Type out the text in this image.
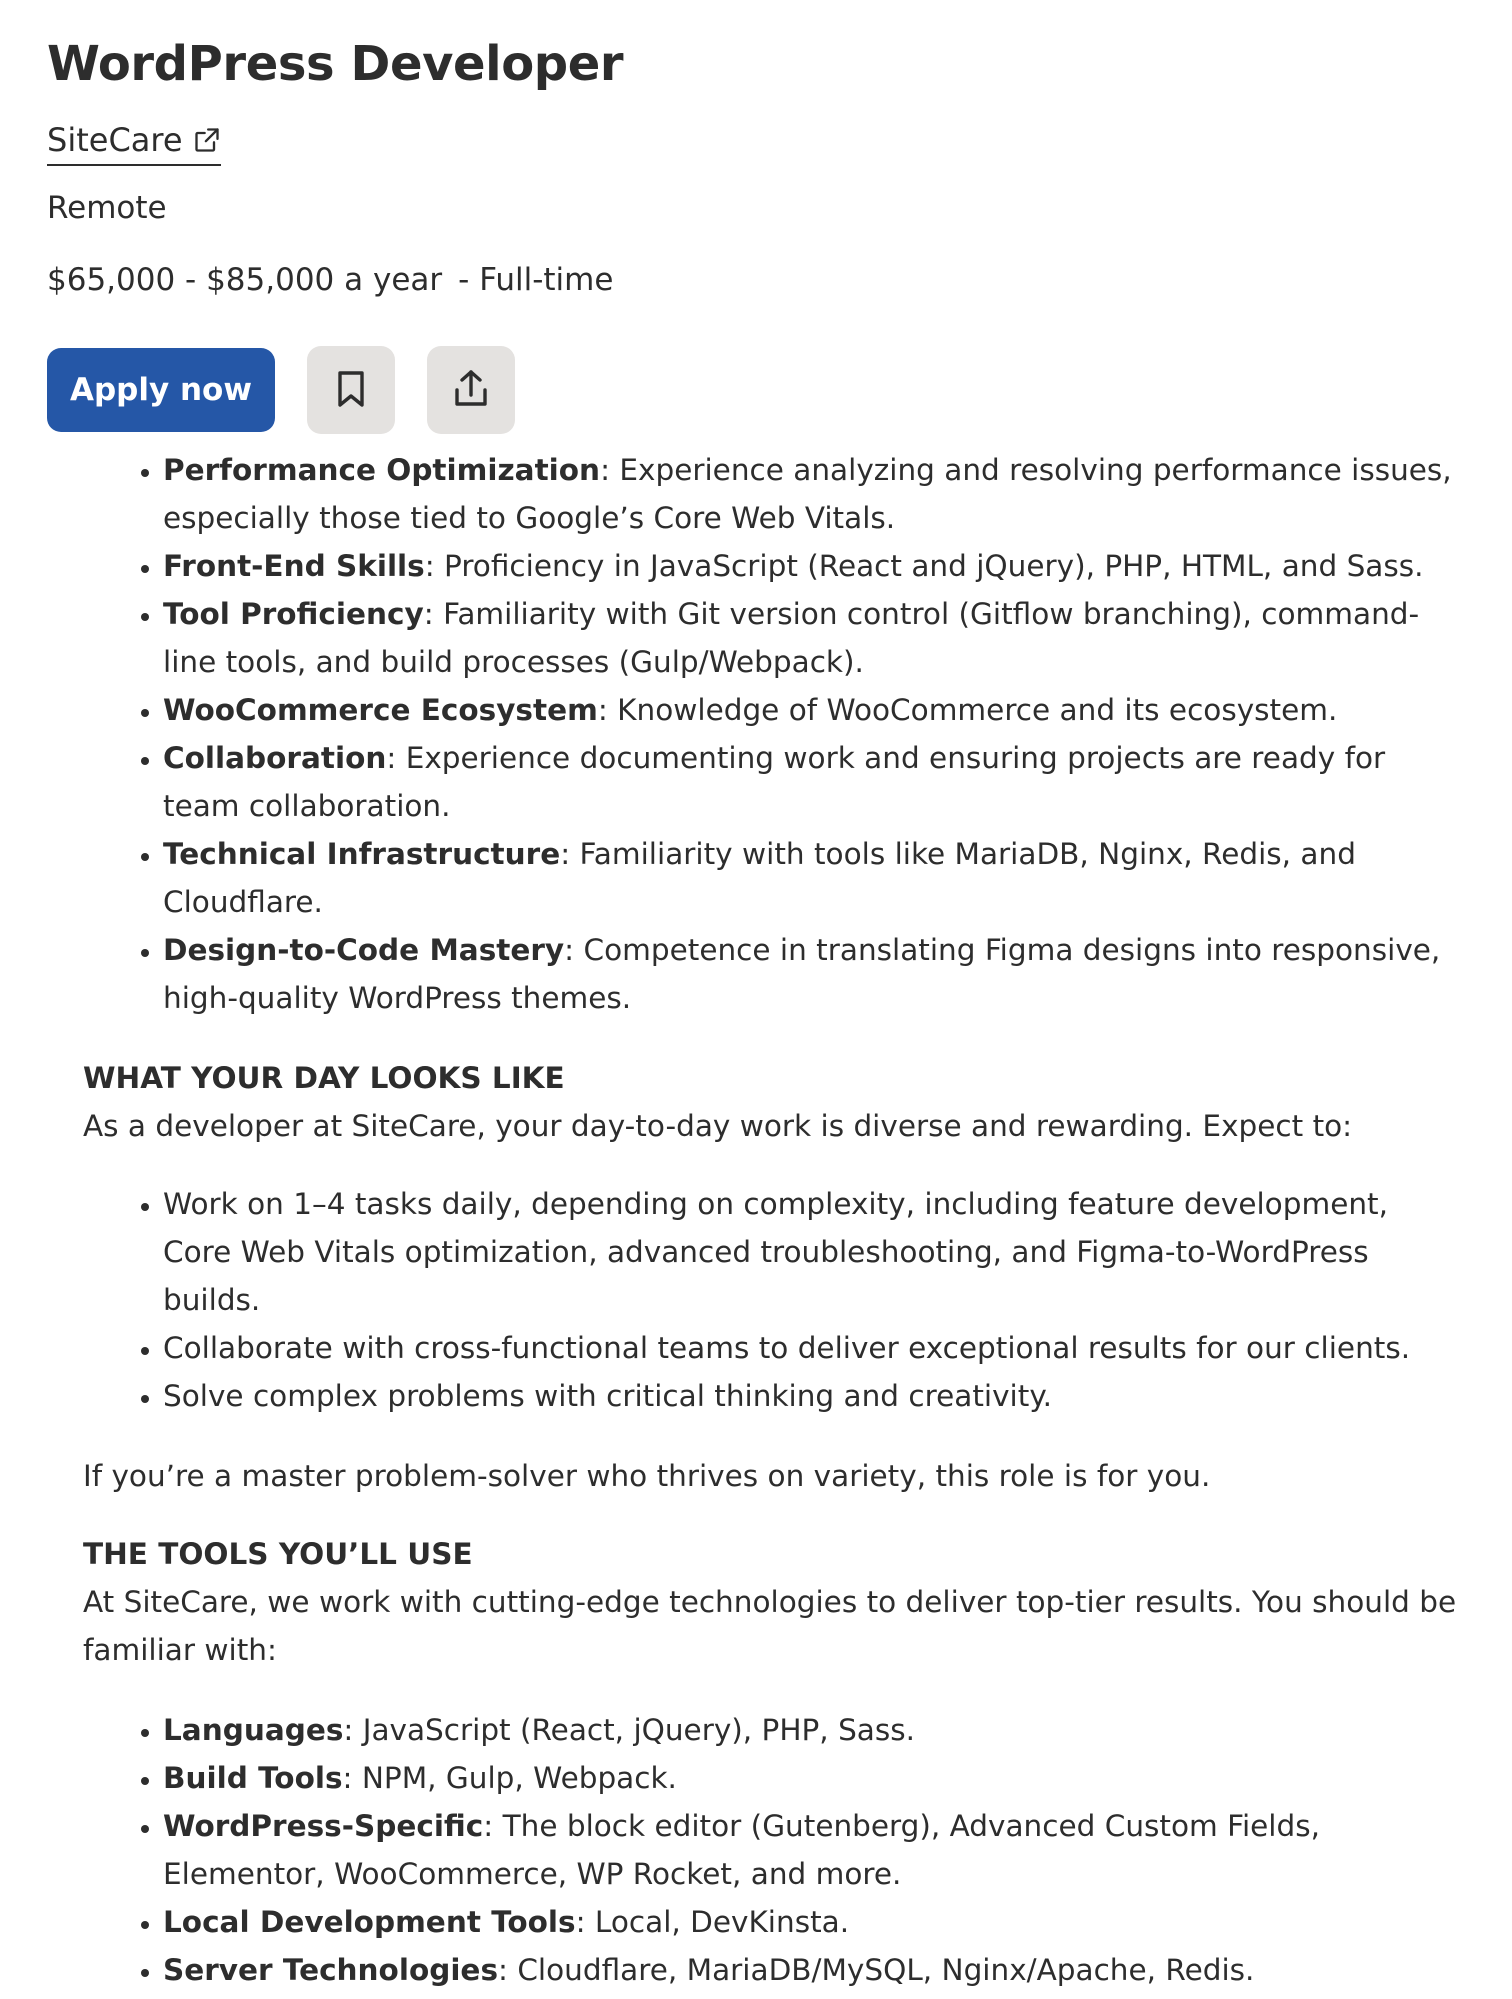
WordPress Developer
SiteCare
Remote
$65,000 - $85,000 a year - Full-time
Apply now
• Performance Optimization: Experience analyzing and resolving performance issues, especially those tied to Google’s Core Web Vitals.
• Front-End Skills: Proficiency in JavaScript (React and jQuery), PHP, HTML, and Sass.
• Tool Proficiency: Familiarity with Git version control (Gitflow branching), command-line tools, and build processes (Gulp/Webpack).
• WooCommerce Ecosystem: Knowledge of WooCommerce and its ecosystem.
• Collaboration: Experience documenting work and ensuring projects are ready for team collaboration.
• Technical Infrastructure: Familiarity with tools like MariaDB, Nginx, Redis, and Cloudflare.
• Design-to-Code Mastery: Competence in translating Figma designs into responsive, high-quality WordPress themes.
WHAT YOUR DAY LOOKS LIKE

As a developer at SiteCare, your day-to-day work is diverse and rewarding. Expect to:

• Work on 1–4 tasks daily, depending on complexity, including feature development, Core Web Vitals optimization, advanced troubleshooting, and Figma-to-WordPress builds.
• Collaborate with cross-functional teams to deliver exceptional results for our clients.
• Solve complex problems with critical thinking and creativity.

If you’re a master problem-solver who thrives on variety, this role is for you.

THE TOOLS YOU’LL USE

At SiteCare, we work with cutting-edge technologies to deliver top-tier results. You should be familiar with:

• Languages: JavaScript (React, jQuery), PHP, Sass.
• Build Tools: NPM, Gulp, Webpack.
• WordPress-Specific: The block editor (Gutenberg), Advanced Custom Fields, Elementor, WooCommerce, WP Rocket, and more.
• Local Development Tools: Local, DevKinsta.
• Server Technologies: Cloudflare, MariaDB/MySQL, Nginx/Apache, Redis.
